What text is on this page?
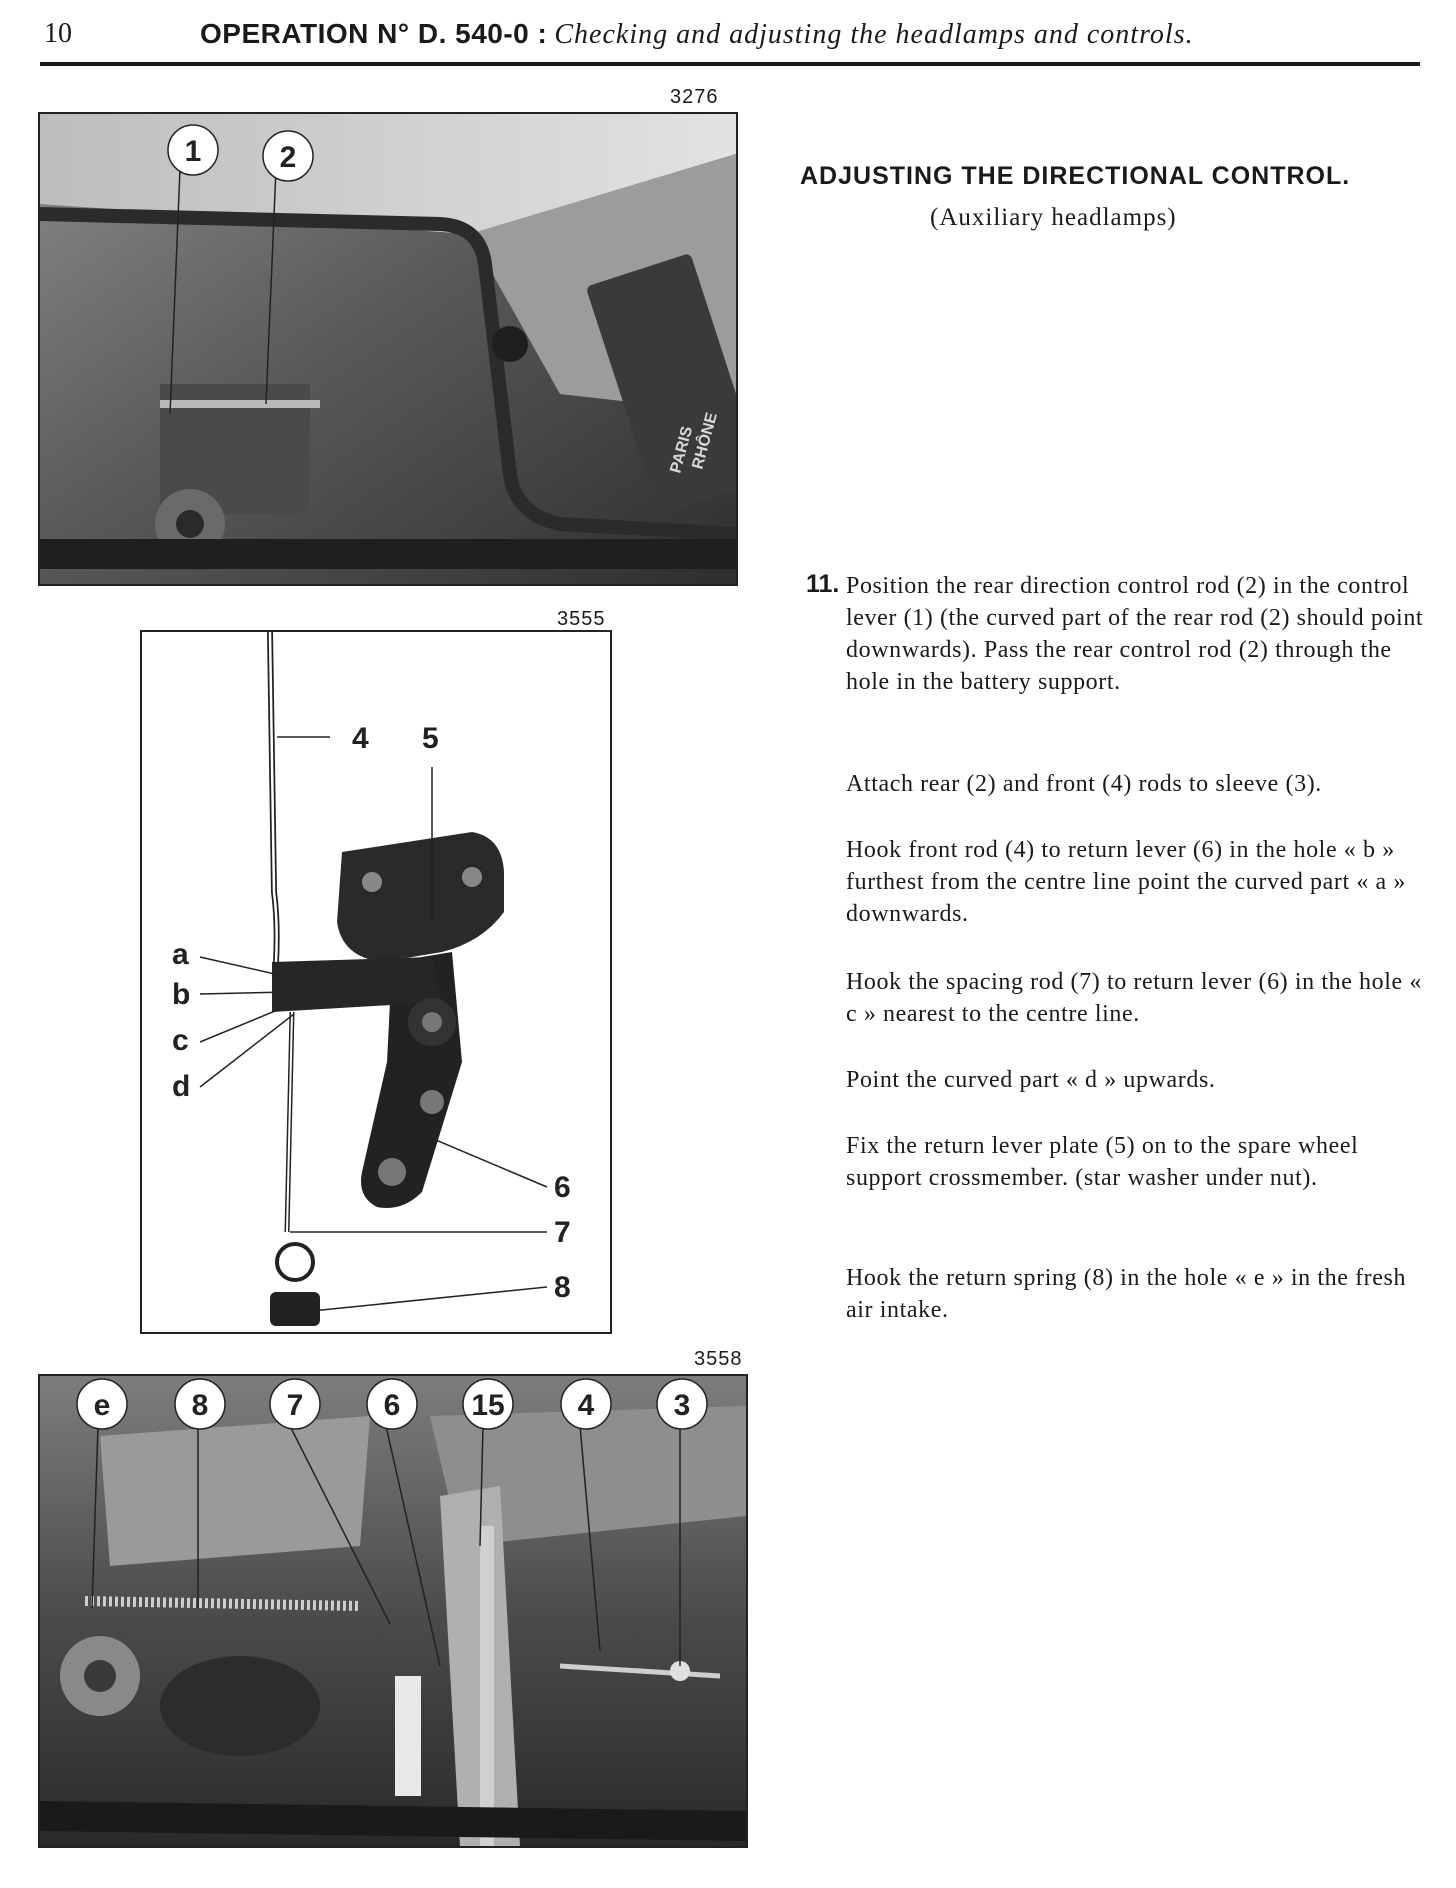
10	OPERATION N° D. 540-0 : Checking and adjusting the headlamps and controls.
3276
PARIS
RHÔNE
1	2
3555
4 5
a
b
c
d
6
7
8
3558
e	8	7	6 15 4	3
ADJUSTING THE DIRECTIONAL CONTROL.
(Auxiliary headlamps)
11. Position the rear direction control rod (2) in the control lever (1) (the curved part of the rear rod (2) should point downwards). Pass the rear control rod (2) through the hole in the battery support.
Attach rear (2) and front (4) rods to sleeve (3).
Hook front rod (4) to return lever (6) in the hole « b » furthest from the centre line point the curved part « a » downwards.
Hook the spacing rod (7) to return lever (6) in the hole « c » nearest to the centre line.
Point the curved part « d » upwards.
Fix the return lever plate (5) on to the spare wheel support crossmember. (star washer under nut).
Hook the return spring (8) in the hole « e » in the fresh air intake.
